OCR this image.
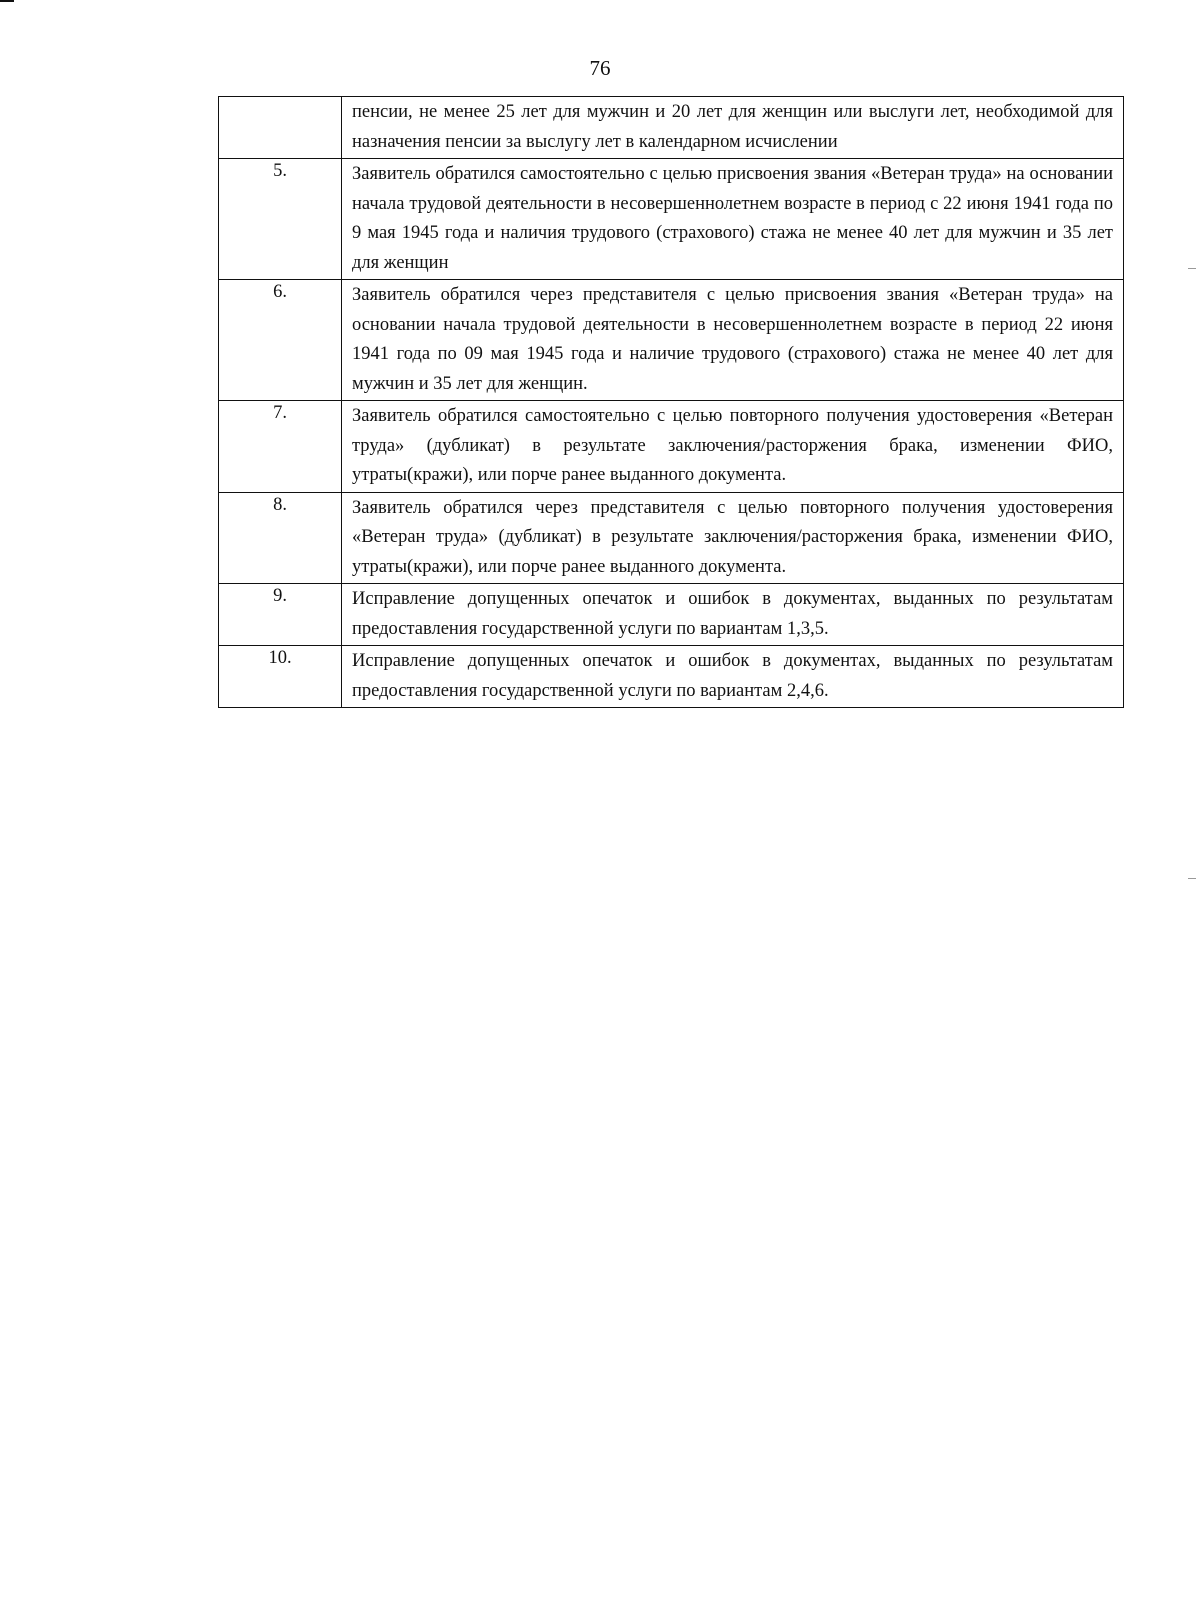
76
	пенсии, не менее 25 лет для мужчин и 20 лет для женщин или выслуги лет, необходимой для назначения пенсии за выслугу лет в календарном исчислении
5.	Заявитель обратился самостоятельно с целью присвоения звания «Ветеран труда» на основании начала трудовой деятельности в несовершеннолетнем возрасте в период с 22 июня 1941 года по 9 мая 1945 года и наличия трудового (страхового) стажа не менее 40 лет для мужчин и 35 лет для женщин
6.	Заявитель обратился через представителя с целью присвоения звания «Ветеран труда» на основании начала трудовой деятельности в несовершеннолетнем возрасте в период 22 июня 1941 года по 09 мая 1945 года и наличие трудового (страхового) стажа не менее 40 лет для мужчин и 35 лет для женщин.
7.	Заявитель обратился самостоятельно с целью повторного получения удостоверения «Ветеран труда» (дубликат) в результате заключения/расторжения брака, изменении ФИО, утраты(кражи), или порче ранее выданного документа.
8.	Заявитель обратился через представителя с целью повторного получения удостоверения «Ветеран труда» (дубликат) в результате заключения/расторжения брака, изменении ФИО, утраты(кражи), или порче ранее выданного документа.
9.	Исправление допущенных опечаток и ошибок в документах, выданных по результатам предоставления государственной услуги по вариантам 1,3,5.
10.	Исправление допущенных опечаток и ошибок в документах, выданных по результатам предоставления государственной услуги по вариантам 2,4,6.
